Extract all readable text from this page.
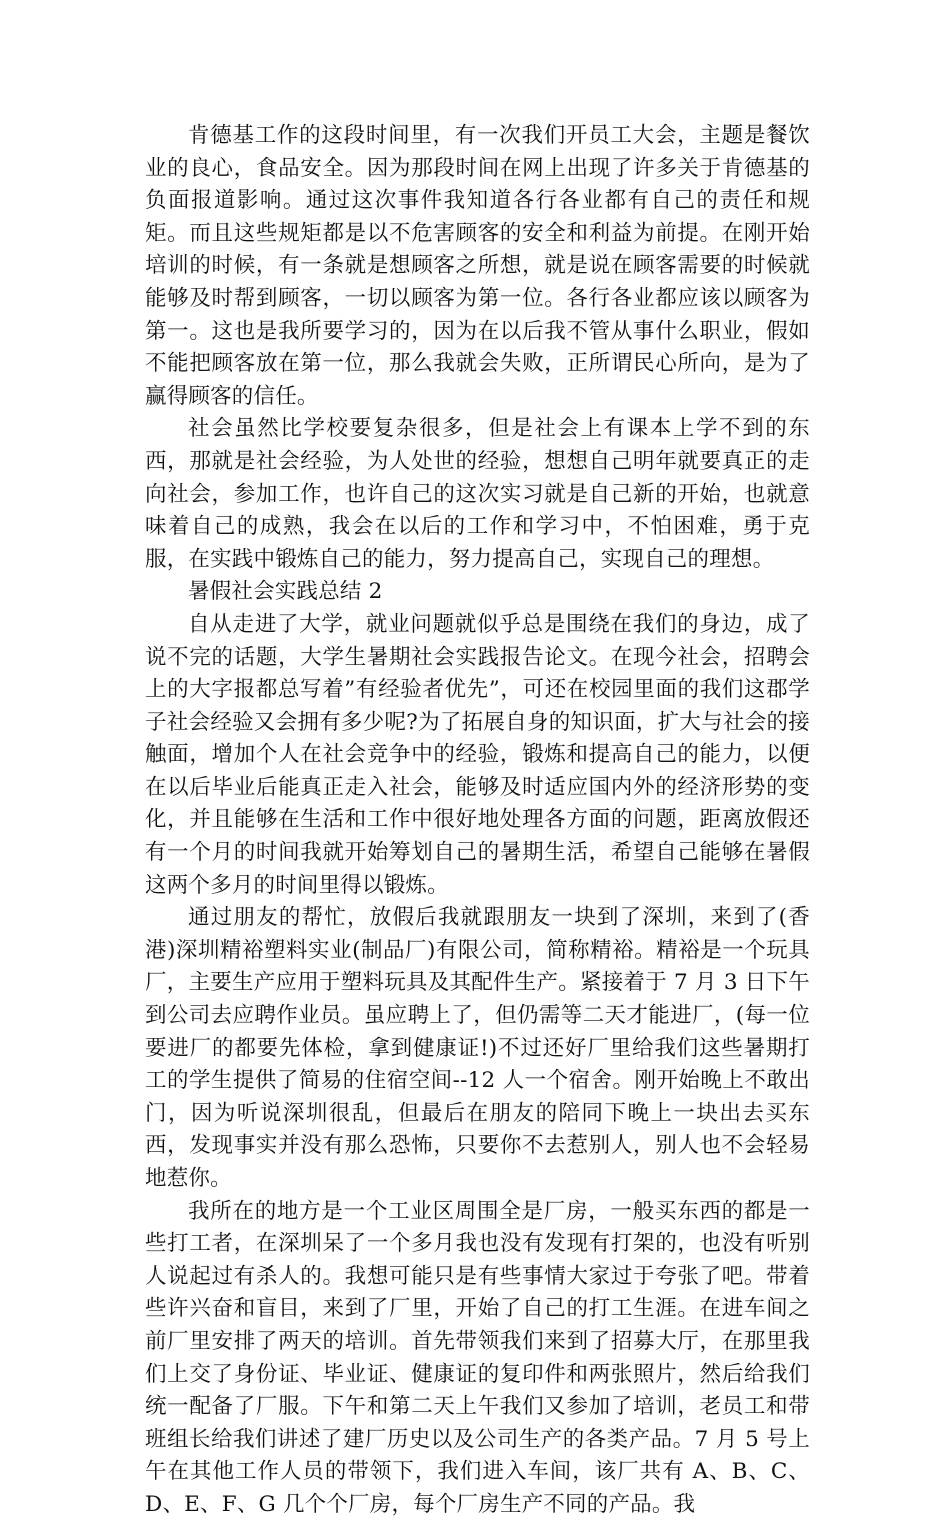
肯德基工作的这段时间里，有一次我们开员工大会，主题是餐饮业的良心，食品安全。因为那段时间在网上出现了许多关于肯德基的负面报道影响。通过这次事件我知道各行各业都有自己的责任和规矩。而且这些规矩都是以不危害顾客的安全和利益为前提。在刚开始培训的时候，有一条就是想顾客之所想，就是说在顾客需要的时候就能够及时帮到顾客，一切以顾客为第一位。各行各业都应该以顾客为第一。这也是我所要学习的，因为在以后我不管从事什么职业，假如不能把顾客放在第一位，那么我就会失败，正所谓民心所向，是为了赢得顾客的信任。

社会虽然比学校要复杂很多，但是社会上有课本上学不到的东西，那就是社会经验，为人处世的经验，想想自己明年就要真正的走向社会，参加工作，也许自己的这次实习就是自己新的开始，也就意味着自己的成熟，我会在以后的工作和学习中，不怕困难，勇于克服，在实践中锻炼自己的能力，努力提高自己，实现自己的理想。

暑假社会实践总结 2

自从走进了大学，就业问题就似乎总是围绕在我们的身边，成了说不完的话题，大学生暑期社会实践报告论文。在现今社会，招聘会上的大字报都总写着”有经验者优先”，可还在校园里面的我们这郡学子社会经验又会拥有多少呢?为了拓展自身的知识面，扩大与社会的接触面，增加个人在社会竞争中的经验，锻炼和提高自己的能力，以便在以后毕业后能真正走入社会，能够及时适应国内外的经济形势的变化，并且能够在生活和工作中很好地处理各方面的问题，距离放假还有一个月的时间我就开始筹划自己的暑期生活，希望自己能够在暑假这两个多月的时间里得以锻炼。

通过朋友的帮忙，放假后我就跟朋友一块到了深圳，来到了(香港)深圳精裕塑料实业(制品厂)有限公司，简称精裕。精裕是一个玩具厂，主要生产应用于塑料玩具及其配件生产。紧接着于 7 月 3 日下午到公司去应聘作业员。虽应聘上了，但仍需等二天才能进厂，(每一位要进厂的都要先体检，拿到健康证!)不过还好厂里给我们这些暑期打工的学生提供了简易的住宿空间--12 人一个宿舍。刚开始晚上不敢出门，因为听说深圳很乱，但最后在朋友的陪同下晚上一块出去买东西，发现事实并没有那么恐怖，只要你不去惹别人，别人也不会轻易地惹你。

我所在的地方是一个工业区周围全是厂房，一般买东西的都是一些打工者，在深圳呆了一个多月我也没有发现有打架的，也没有听别人说起过有杀人的。我想可能只是有些事情大家过于夸张了吧。带着些许兴奋和盲目，来到了厂里，开始了自己的打工生涯。在进车间之前厂里安排了两天的培训。首先带领我们来到了招募大厅，在那里我们上交了身份证、毕业证、健康证的复印件和两张照片，然后给我们统一配备了厂服。下午和第二天上午我们又参加了培训，老员工和带班组长给我们讲述了建厂历史以及公司生产的各类产品。7 月 5 号上午在其他工作人员的带领下，我们进入车间，该厂共有 A、B、C、D、E、F、G 几个个厂房，每个厂房生产不同的产品。我
